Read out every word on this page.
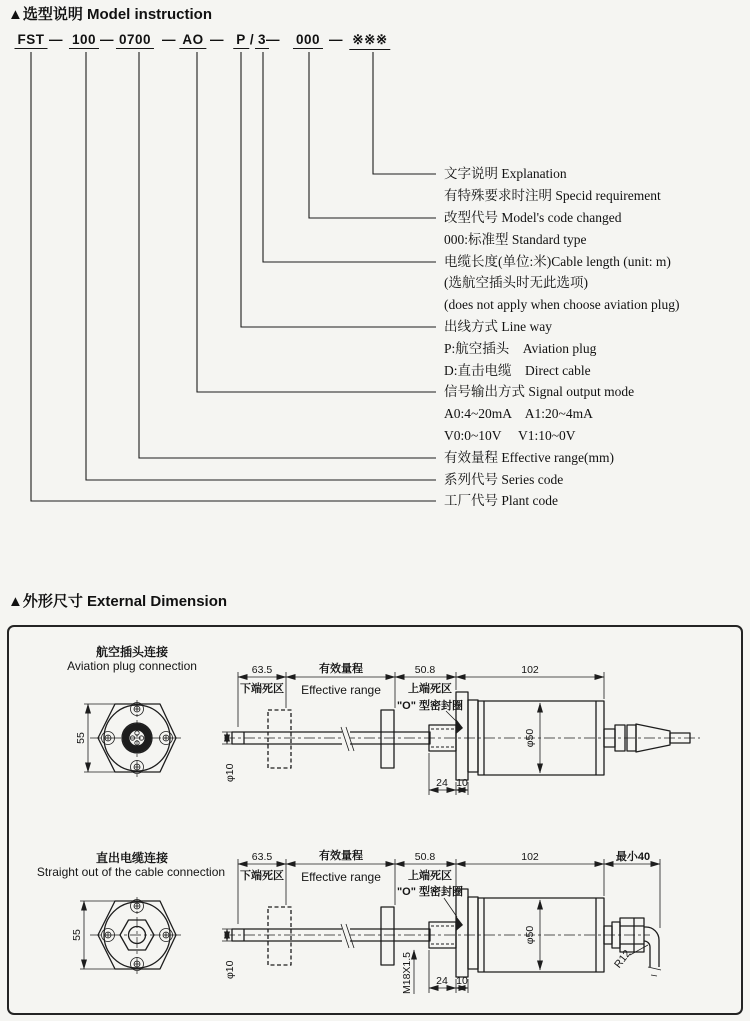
▲选型说明 Model instruction
FST — 100 — 0700 — AO — P / 3 — 000 — ※※※
文字说明 Explanation
有特殊要求时注明 Specid requirement
改型代号 Model's code changed
000:标准型 Standard type
电缆长度(单位:米)Cable length (unit: m)
(选航空插头时无此选项)
(does not apply when choose aviation plug)
出线方式 Line way
P:航空插头　Aviation plug
D:直击电缆　Direct cable
信号输出方式 Signal output mode
A0:4~20mA　A1:20~4mA
V0:0~10V　 V1:10~0V
有效量程 Effective range(mm)
系列代号 Series code
工厂代号 Plant code
▲外形尺寸 External Dimension
航空插头连接
Aviation plug connection
55	φ50
63.5	有效量程	50.8	102
下端死区 Effective range 上端死区
"O" 型密封圈
24 10
φ10
直出电缆连接
Straight out of the cable connection
55	φ50
R12
M18X1.5
63.5	有效量程	50.8	102	最小40
下端死区 Effective range 上端死区
"O" 型密封圈
24 10
φ10
